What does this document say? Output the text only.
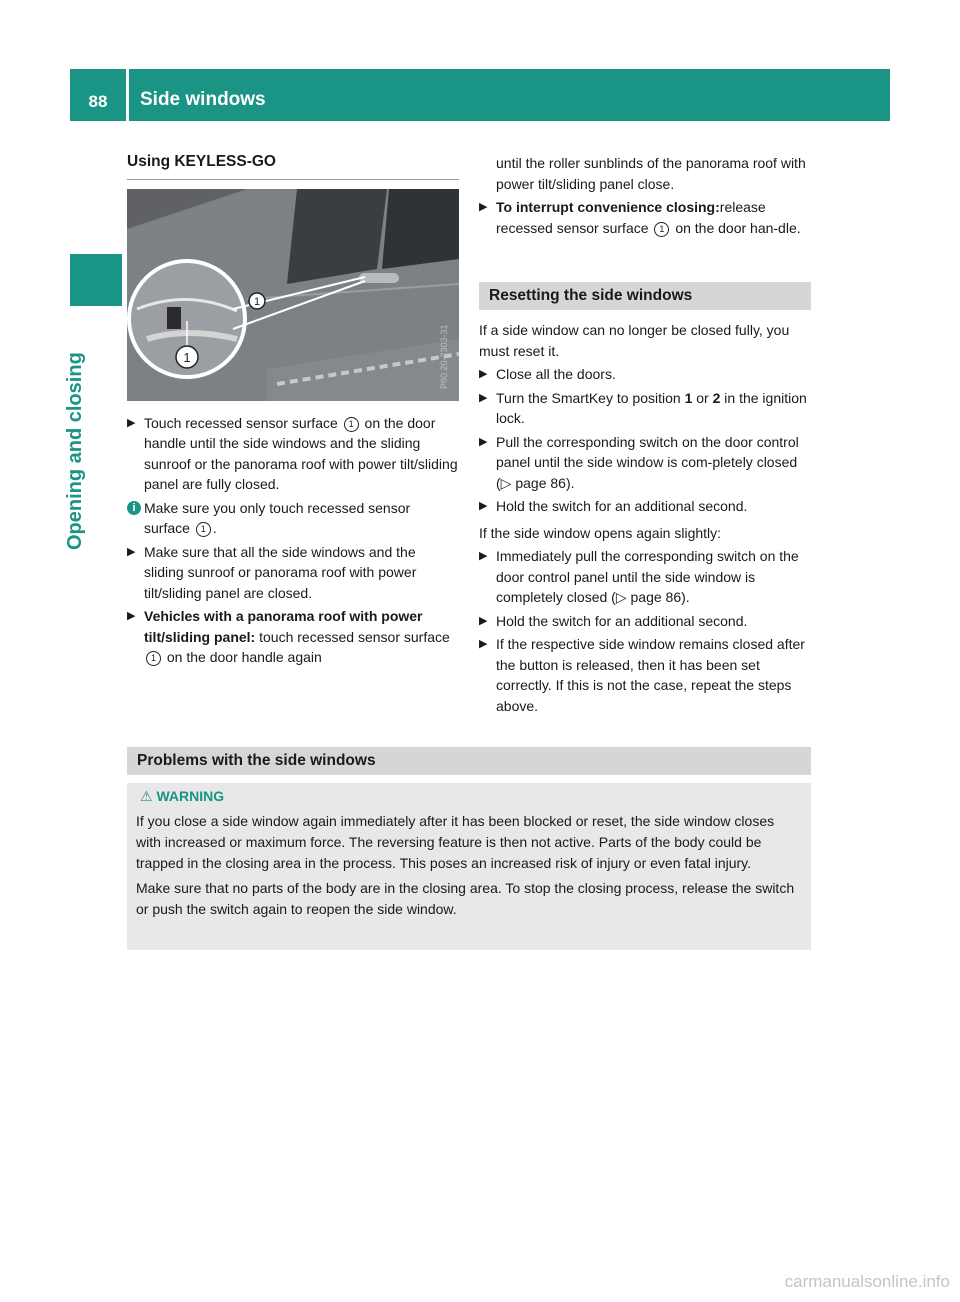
88	Side windows
Opening and closing
Using KEYLESS-GO
1
1
P80.20-2303-31
▶ Touch recessed sensor surface 1 on the door handle until the side windows and the sliding sunroof or the panorama roof with power tilt/sliding panel are fully closed.
i Make sure you only touch recessed sensor surface 1 .
▶ Make sure that all the side windows and the sliding sunroof or panorama roof with power tilt/sliding panel are closed.
▶ Vehicles with a panorama roof with power tilt/sliding panel: touch recessed sensor surface 1 on the door handle again
until the roller sunblinds of the panorama roof with power tilt/sliding panel close.
▶ To interrupt convenience closing:release recessed sensor surface 1 on the door han-dle.
Resetting the side windows

If a side window can no longer be closed fully, you must reset it.

▶ Close all the doors.
▶ Turn the SmartKey to position 1 or 2 in the ignition lock.
▶ Pull the corresponding switch on the door control panel until the side window is com-pletely closed (▷ page 86).
▶ Hold the switch for an additional second.

If the side window opens again slightly:

▶ Immediately pull the corresponding switch on the door control panel until the side window is completely closed (▷ page 86).
▶ Hold the switch for an additional second.
▶ If the respective side window remains closed after the button is released, then it has been set correctly. If this is not the case, repeat the steps above.
Problems with the side windows
⚠ WARNING

If you close a side window again immediately after it has been blocked or reset, the side window closes with increased or maximum force. The reversing feature is then not active. Parts of the body could be trapped in the closing area in the process. This poses an increased risk of injury or even fatal injury.

Make sure that no parts of the body are in the closing area. To stop the closing process, release the switch or push the switch again to reopen the side window.

carmanualsonline.info
